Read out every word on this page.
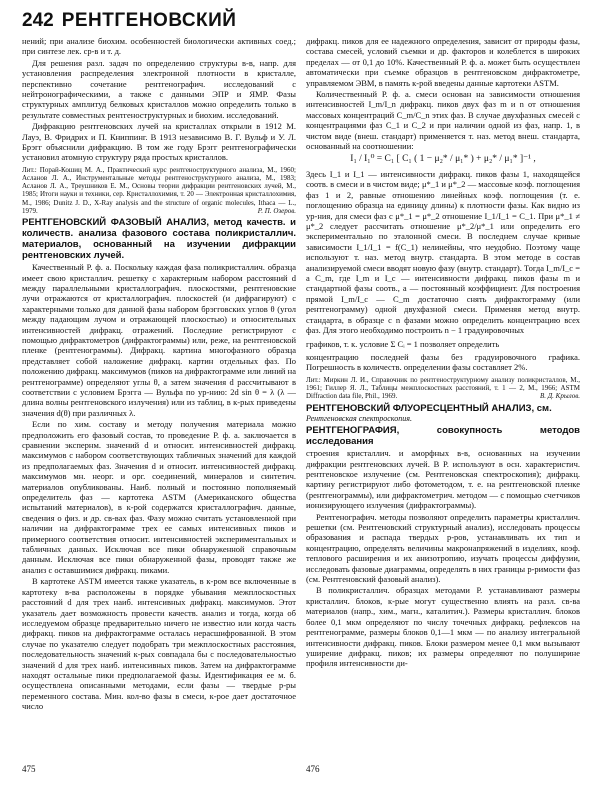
242 РЕНТГЕНОВСКИЙ

нений; при анализе биохим. особенностей биологически активных соед.; при синтезе лек. ср-в и т. д.

Для решения разл. задач по определению структуры в-в, напр. для установления распределения электронной плотности в кристалле, перспективно сочетание рентгенографич. исследований с нейтронографическими, а также с данными ЭПР и ЯМР. Фазы структурных амплитуд белковых кристаллов можно определить только в результате совместных рентгеноструктурных и биохим. исследований.

Дифракцию рентгеновских лучей на кристаллах открыли в 1912 М. Лауэ, В. Фридрих и П. Книппинг. В 1913 независимо В. Г. Вульф и У. Л. Брэгг объяснили дифракцию. В том же году Брэгг рентгенографически установил атомную структуру ряда простых кристаллов.

Лит.: Порай-Кошиц М. А., Практический курс рентгеноструктурного анализа, М., 1960; Асланов Л. А., Инструментальные методы рентгеноструктурного анализа, М., 1983; Асланов Л. А., Треушников Е. М., Основы теории дифракции рентгеновских лучей, М., 1985; Итоги науки и техники, сер. Кристаллохимия, т. 20 — Электронная кристаллохимия, М., 1986; Dunitz J. D., X-Ray analysis and the structure of organic molecules, Ithaca — L., 1979.	Р. П. Озеров.

РЕНТГЕНОВСКИЙ ФАЗОВЫЙ АНАЛИЗ, метод качеств. и количеств. анализа фазового состава поликристаллич. материалов, основанный на изучении дифракции рентгеновских лучей.

Качественный Р. ф. а. Поскольку каждая фаза поликристаллич. образца имеет свою кристаллич. решетку с характерным набором расстояний d между параллельными кристаллографич. плоскостями, рентгеновские лучи отражаются от кристаллографич. плоскостей (и дифрагируют) с характерными только для данной фазы набором брэгговских углов θ (угол между падающим лучом и отражающей плоскостью) и относительных интенсивностей дифракц. отражений. Последние регистрируют с помощью дифрактометров (дифрактограммы) или, реже, на рентгеновской пленке (рентгенограммы). Дифракц. картина многофазного образца представляет собой наложение дифракц. картин отдельных фаз. По положению дифракц. максимумов (пиков на дифрактограмме или линий на рентгенограмме) определяют углы θ, а затем значения d рассчитывают в соответствии с условием Брэгга — Вульфа по ур-нию: 2d sin θ = λ (λ — длина волны рентгеновского излучения) или из таблиц, в к-рых приведены значения d(θ) при различных λ.

Если по хим. составу и методу получения материала можно предположить его фазовый состав, то проведение Р. ф. а. заключается в сравнении экспернм. значений d и относит. интенсивностей дифракц. максимумов с набором соответствующих табличных значений для каждой из предполагаемых фаз. Значения d и относит. интенсивностей дифракц. максимумов мн. неорг. и орг. соединений, минералов и синтетич. материалов опубликованы. Наиб. полный и постоянно пополняемый определитель фаз — картотека ASTM (Американского общества испытаний материалов), в к-рой содержатся кристаллографич. данные, сведения о физ. и др. св-вах фаз. Фазу можно считать установленной при наличии на дифрактограмме трех ее самых интенсивных пиков и примерного соответствия относит. интенсивностей экспериментальных и табличных данных. Исключая все пики обнаруженной справочным данным. Исключая все пики обнаруженной фазы, проводят также же анализ с оставшимися дифракц. пиками.

В картотеке ASTM имеется также указатель, в к-ром все включенные в картотеку в-ва расположены в порядке убывания межплоскостных расстояний d для трех наиб. интенсивных дифракц. максимумов. Этот указатель дает возможность провести качеств. анализ и тогда, когда об исследуемом образце предварительно ничего не известно или когда часть дифракц. пиков на дифрактограмме осталась нерасшифрованной. В этом случае по указателю следует подобрать три межплоскостных расстояния, последовательность значений к-рых совпадала бы с последовательностью значений d для трех наиб. интенсивных пиков. Затем на дифрактограмме находят остальные пики предполагаемой фазы. Идентификация ее м. б. осуществлена описанными методами, если фазы — твердые р-ры переменного состава. Мин. кол-во фазы в смеси, к-рое дает достаточное число

дифракц. пиков для ее надежного определения, зависит от природы фазы, состава смесей, условий съемки и др. факторов и колеблется в широких пределах — от 0,1 до 10%. Качественный Р. ф. а. может быть осуществлен автоматически при съемке образцов в рентгеновском дифрактометре, управляемом ЭВМ, в память к-рой введены данные картотеки ASTM.

Количественный Р. ф. а. смеси основан на зависимости отношения интенсивностей I_m/I_n дифракц. пиков двух фаз m и n от отношения массовых концентраций C_m/C_n этих фаз. В случае двухфазных смесей с концентрациями фаз C_1 и C_2 и при наличии одной из фаз, напр. 1, в чистом виде (внеш. стандарт) применяется т. наз. метод внеш. стандарта, основанный на соотношении:

I₁ / I₁⁰ = C₁ [ C₁ ( 1 − μ₂* / μ₁* ) + μ₂* / μ₁* ]⁻¹ ,

Здесь I_1 и I_1 — интенсивности дифракц. пиков фазы 1, находящейся соотв. в смеси и в чистом виде; μ*_1 и μ*_2 — массовые коэф. поглощения фаз 1 и 2, равные отношению линейных коэф. поглощения (т. е. поглощению образца на единицу длины) к плотности фазы. Как видно из ур-ния, для смеси фаз с μ*_1 = μ*_2 отношение I_1/I_1 = C_1. При μ*_1 ≠ μ*_2 следует рассчитать отношение μ*_2/μ*_1 или определить его экспериментально по эталонной смеси. В последнем случае кривые зависимости I_1/I_1 = f(C_1) нелинейны, что неудобно. Поэтому чаще используют т. наз. метод внутр. стандарта. В этом методе в состав анализируемой смеси вводят новую фазу (внутр. стандарт). Тогда I_m/I_c = a C_m, где I_m и I_c — интенсивности дифракц. пиков фазы m и стандартной фазы соотв., a — постоянный коэффициент. Для построения прямой I_m/I_c — C_m достаточно снять дифрактограмму (или рентгенограмму) одной двухфазной смеси. Применяя метод внутр. стандарта, в образце с n фазами можно определить концентрацию всех фаз. Для этого необходимо построить n − 1 градуировочных

графиков, т. к. условие Σ Cᵢ = 1 позволяет определить

концентрацию последней фазы без градуировочного графика. Погрешность в количеств. определении фазы составляет 2%.

Лит.: Миркин Л. И., Справочник по рентгеноструктурному анализу поликристаллов, М., 1961; Гиллер Я. Л., Таблицы межплоскостных расстояний, т. 1 — 2, М., 1966; ASTM Diffraction data file, Phil., 1969.	В. Д. Крылов.
РЕНТГЕНОВСКИЙ ФЛУОРЕСЦЕНТНЫЙ АНАЛИЗ, см.
Рентгеновская спектроскопия.

РЕНТГЕНОГРАФИЯ, совокупность методов исследования

строения кристаллич. и аморфных в-в, основанных на изучении дифракции рентгеновских лучей. В Р. используют в осн. характеристич. рентгеновское излучение (см. Рентгеновская спектроскопия); дифракц. картину регистрируют либо фотометодом, т. е. на рентгеновской пленке (рентгенограммы), или дифрактометрич. методом — с помощью счетчиков ионизирующего излучения (дифрактограммы).

Рентгенографич. методы позволяют определить параметры кристаллич. решетки (см. Рентгеновский структурный анализ), исследовать процессы образования и распада твердых р-ров, устанавливать их тип и концентрацию, определять величины макронапряжений в изделиях, коэф. теплового расширения и их анизотропию, изучать процессы диффузии, исследовать фазовые диаграммы, определять в них границы р-римости фаз (см. Рентгеновский фазовый анализ).

В поликристаллич. образцах методами Р. устанавливают размеры кристаллич. блоков, к-рые могут существенно влиять на разл. св-ва материалов (напр., хим., магн., каталитич.). Размеры кристаллич. блоков более 0,1 мкм определяют по числу точечных дифракц. рефлексов на рентгенограмме, размеры блоков 0,1—1 мкм — по анализу интегральной интенсивности дифракц. пиков. Блоки размером менее 0,1 мкм вызывают уширение дифракц. пиков; их размеры определяют по полуширине профиля интенсивности ди-

475	476
